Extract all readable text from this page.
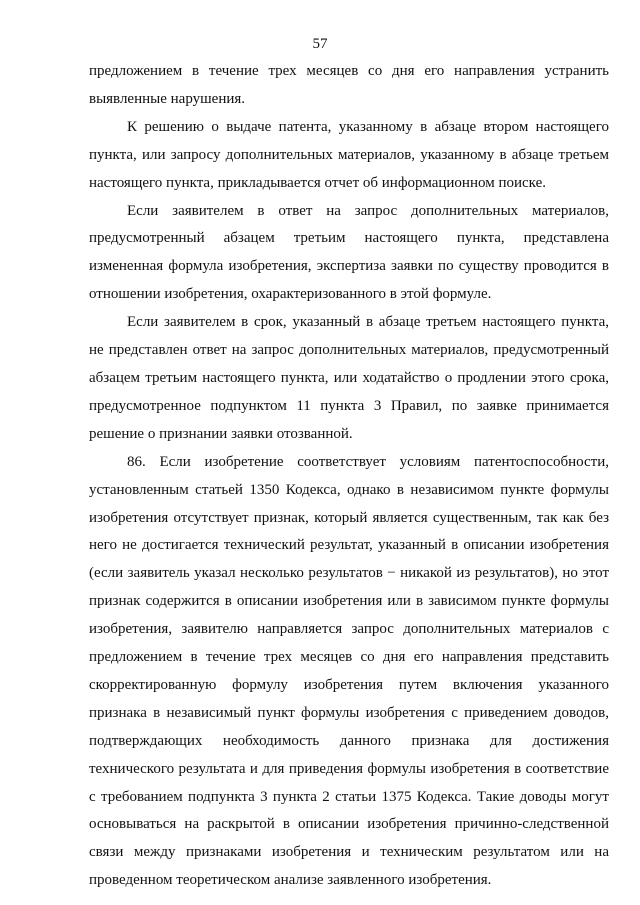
57

предложением в течение трех месяцев со дня его направления устранить выявленные нарушения.

К решению о выдаче патента, указанному в абзаце втором настоящего пункта, или запросу дополнительных материалов, указанному в абзаце третьем настоящего пункта, прикладывается отчет об информационном поиске.

Если заявителем в ответ на запрос дополнительных материалов, предусмотренный абзацем третьим настоящего пункта, представлена измененная формула изобретения, экспертиза заявки по существу проводится в отношении изобретения, охарактеризованного в этой формуле.

Если заявителем в срок, указанный в абзаце третьем настоящего пункта, не представлен ответ на запрос дополнительных материалов, предусмотренный абзацем третьим настоящего пункта, или ходатайство о продлении этого срока, предусмотренное подпунктом 11 пункта 3 Правил, по заявке принимается решение о признании заявки отозванной.

86. Если изобретение соответствует условиям патентоспособности, установленным статьей 1350 Кодекса, однако в независимом пункте формулы изобретения отсутствует признак, который является существенным, так как без него не достигается технический результат, указанный в описании изобретения (если заявитель указал несколько результатов − никакой из результатов), но этот признак содержится в описании изобретения или в зависимом пункте формулы изобретения, заявителю направляется запрос дополнительных материалов с предложением в течение трех месяцев со дня его направления представить скорректированную формулу изобретения путем включения указанного признака в независимый пункт формулы изобретения с приведением доводов, подтверждающих необходимость данного признака для достижения технического результата и для приведения формулы изобретения в соответствие с требованием подпункта 3 пункта 2 статьи 1375 Кодекса. Такие доводы могут основываться на раскрытой в описании изобретения причинно-следственной связи между признаками изобретения и техническим результатом или на проведенном теоретическом анализе заявленного изобретения.
